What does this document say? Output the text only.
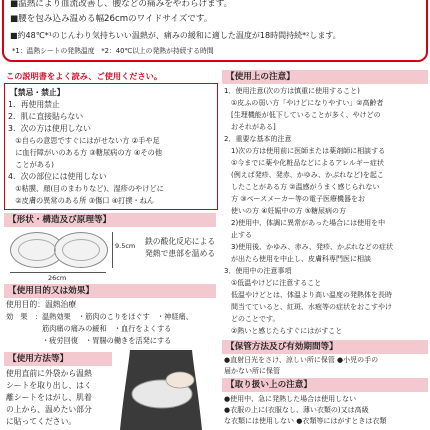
■温熱により血流改善し、腰などの痛みをやわらげます。
■腰を包み込み温める幅26cmのワイドサイズです。
■約48℃*¹のじんわり気持ちいい温熱が、痛みの緩和に適した温度が18時間持続*²します。
*1：温熱シートの発熱温度　*2：40℃以上の発熱が持続する時間
この説明書をよく読み、ご使用ください。
【禁忌・禁止】
1．再使用禁止
2．肌に直接貼らない
3．次の方は使用しない
　①自らの意思ですぐにはがせない方 ②手や足
　に血行障がいのある方 ③糖尿病の方 ④その他
　ことがある)
4．次の部位には使用しない
　①粘膜、顔(目のまわりなど)、湿疹のやけどに
　②皮膚の異常のある所 ③傷口 ④打撲・ねん
【形状・構造及び原理等】
9.5cm
26cm
鉄の酸化反応による
発熱で患部を温める
【使用目的又は効果】
使用目的：温熱治療
効　果　：温熱効果　・筋肉のこりをほぐす　・神経痛、
　　　　　筋肉痛の痛みの緩和　・血行をよくする
　　　　　・疲労回復　・胃腸の働きを活発にする
【使用方法等】
使用直前に外袋から温熱
シートを取り出し、はく
離シートをはがし、肌着
の上から、温めたい部分
に貼ってください。
【使用上の注意】
1．使用注意(次の方は慎重に使用すること)
　①皮ふの弱い方「やけどになりやすい」②高齢者
　[生理機能が低下していることが多く、やけどの
　おそれがある]
2．重要な基本的注意
　1)次の方は使用前に医師または薬剤師に相談する
　①今までに薬や化粧品などによるアレルギー症状
　(例えば発疹、発赤、かゆみ、かぶれなど)を起こ
　したことがある方 ②温感がうまく感じられない
　方 ③ペースメーカー等の電子医療機器をお
　使いの方 ④妊娠中の方 ⑤糖尿病の方
　2)使用中、体調に異常があった場合には使用を中
　止する
　3)使用後、かゆみ、赤み、発疹、かぶれなどの症状
　が出たら使用を中止し、皮膚科専門医に相談
3．使用中の注意事項
　①低温やけどに注意すること
　低温やけどとは、体温より高い温度の発熱体を長時
　間当てていると、紅斑、水疱等の症状をおこすやけ
　どのことです。
　②熱いと感じたらすぐにはがすこと
【保管方法及び有効期間等】
●直射日光をさけ、涼しい所に保管 ●小児の手の
届かない所に保管
【取り扱い上の注意】
●使用中、急に発熱した場合は使用しない
●衣服の上に(衣服なし、薄い衣類の)又は高級
な衣類には使用しない ●衣類等にはがすときは衣類
